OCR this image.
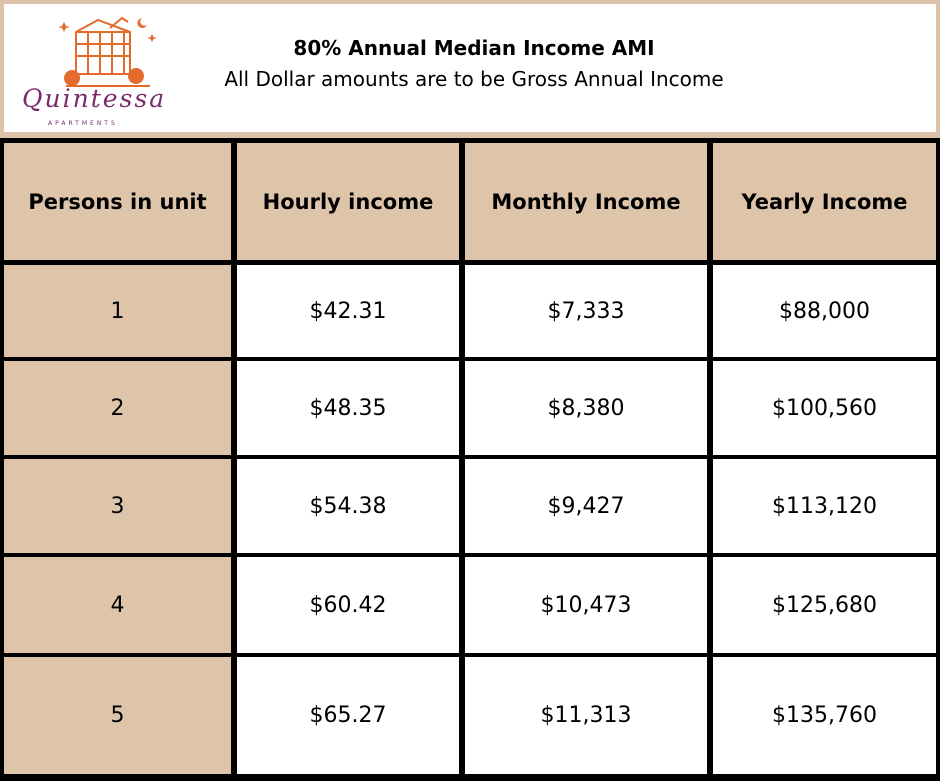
Quintessa
APARTMENTS
80% Annual Median Income AMI
All Dollar amounts are to be Gross Annual Income
Persons in unit	Hourly income	Monthly Income	Yearly Income
1	$42.31	$7,333	$88,000
2	$48.35	$8,380	$100,560
3	$54.38	$9,427	$113,120
4	$60.42	$10,473	$125,680
5	$65.27	$11,313	$135,760
